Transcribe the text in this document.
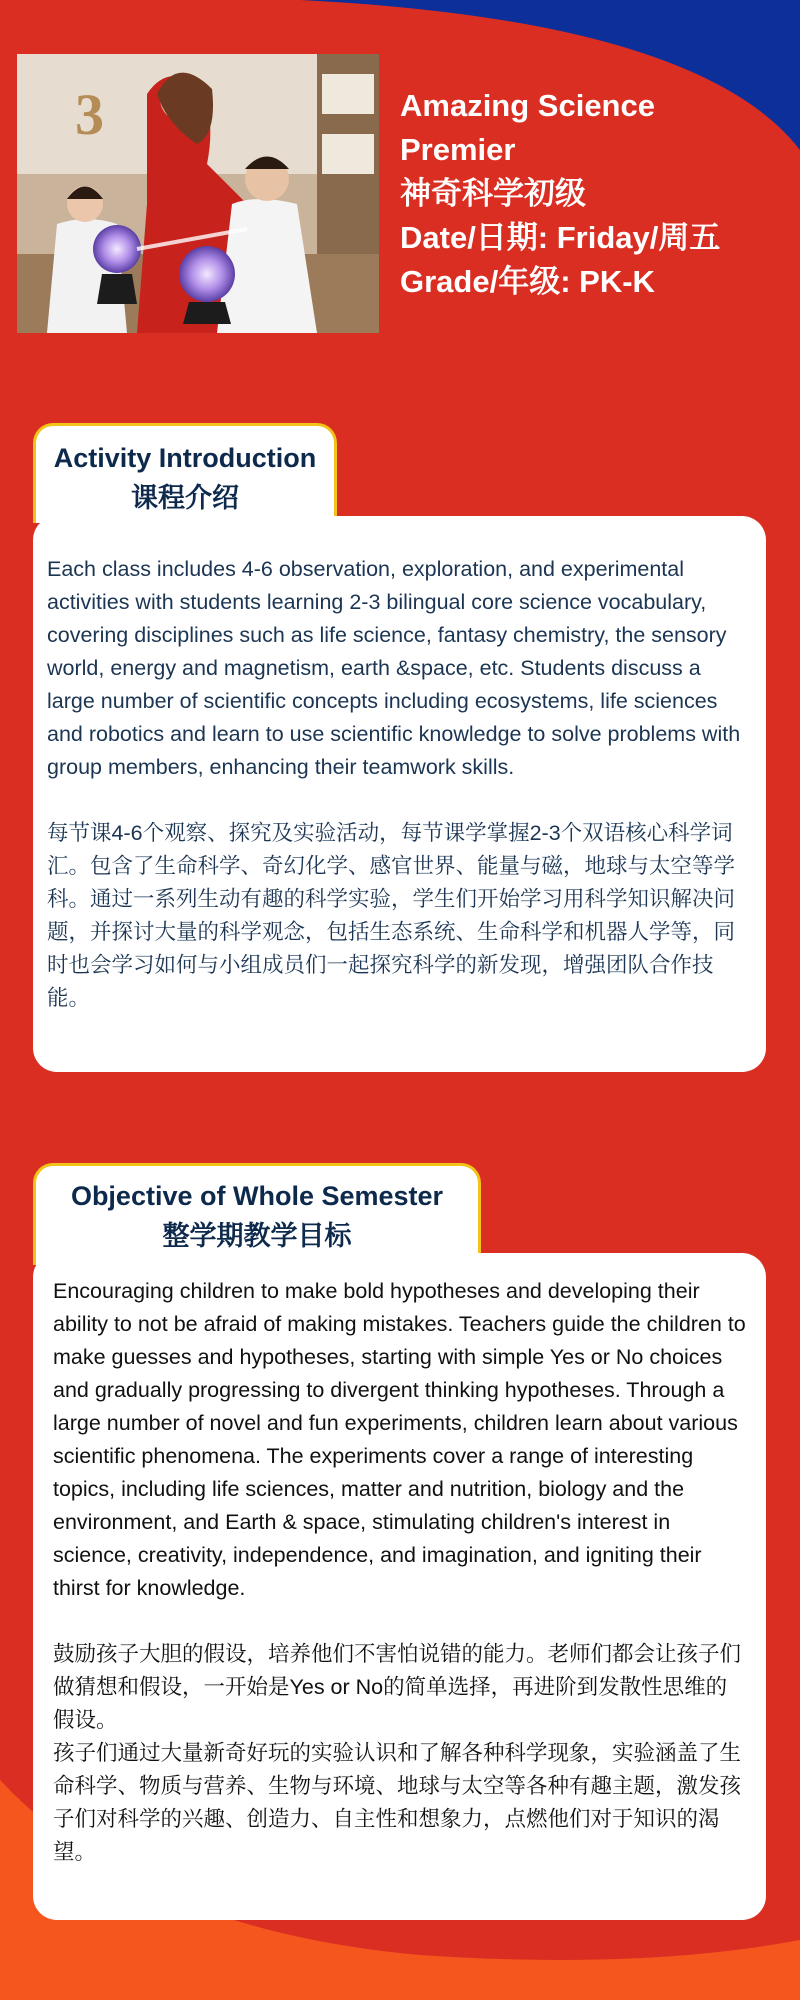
3	Amazing Science
Premier
神奇科学初级
Date/日期: Friday/周五
Grade/年级: PK-K
Activity Introduction
课程介绍

Each class includes 4-6 observation, exploration, and experimental activities with students learning 2-3 bilingual core science vocabulary, covering disciplines such as life science, fantasy chemistry, the sensory world, energy and magnetism, earth &space, etc. Students discuss a large number of scientific concepts including ecosystems, life sciences and robotics and learn to use scientific knowledge to solve problems with group members, enhancing their teamwork skills.

每节课4-6个观察、探究及实验活动，每节课学掌握2-3个双语核心科学词汇。包含了生命科学、奇幻化学、感官世界、能量与磁，地球与太空等学科。通过一系列生动有趣的科学实验，学生们开始学习用科学知识解决问题，并探讨大量的科学观念，包括生态系统、生命科学和机器人学等，同时也会学习如何与小组成员们一起探究科学的新发现，增强团队合作技能。

Objective of Whole Semester
整学期教学目标

Encouraging children to make bold hypotheses and developing their ability to not be afraid of making mistakes. Teachers guide the children to make guesses and hypotheses, starting with simple Yes or No choices and gradually progressing to divergent thinking hypotheses. Through a large number of novel and fun experiments, children learn about various scientific phenomena. The experiments cover a range of interesting topics, including life sciences, matter and nutrition, biology and the environment, and Earth & space, stimulating children's interest in science, creativity, independence, and imagination, and igniting their thirst for knowledge.

鼓励孩子大胆的假设，培养他们不害怕说错的能力。老师们都会让孩子们做猜想和假设，一开始是Yes or No的简单选择，再进阶到发散性思维的假设。

孩子们通过大量新奇好玩的实验认识和了解各种科学现象，实验涵盖了生命科学、物质与营养、生物与环境、地球与太空等各种有趣主题，激发孩子们对科学的兴趣、创造力、自主性和想象力，点燃他们对于知识的渴望。
